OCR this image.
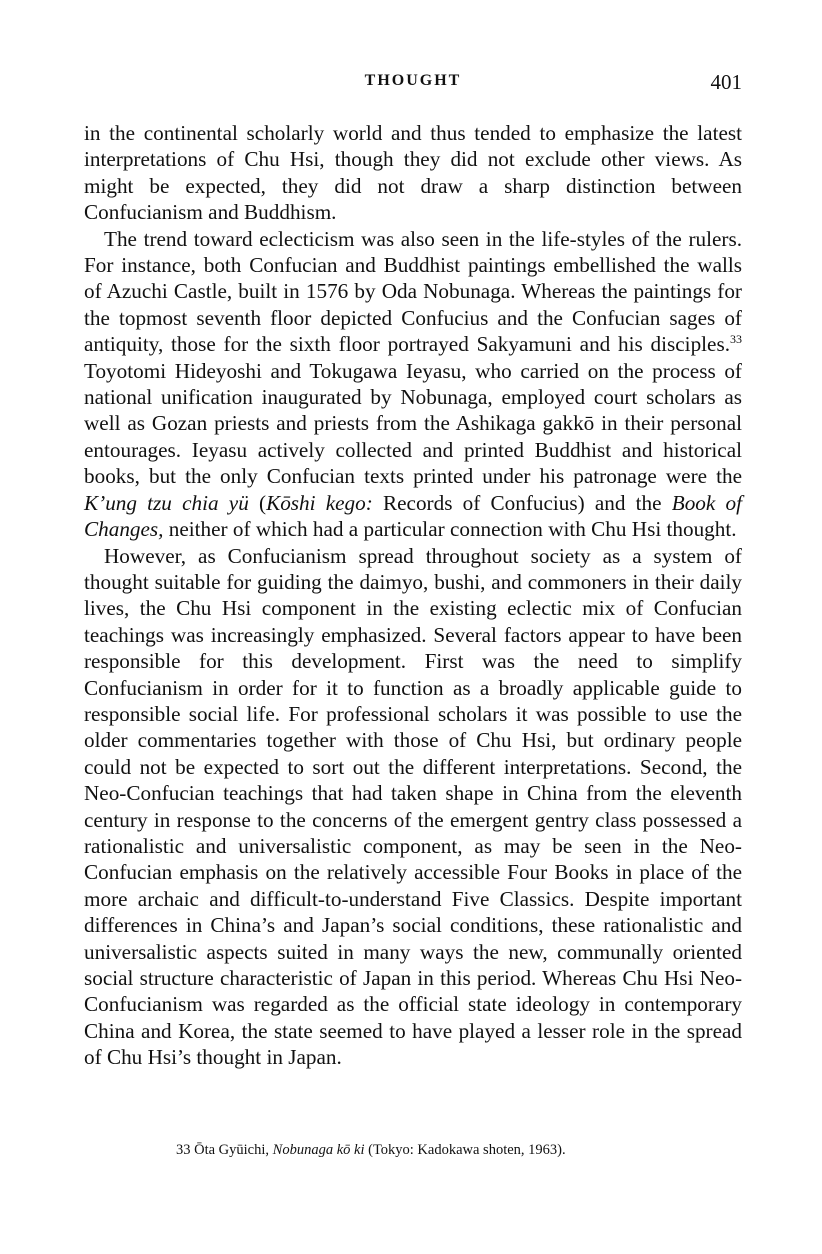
THOUGHT	401

in the continental scholarly world and thus tended to emphasize the latest interpretations of Chu Hsi, though they did not exclude other views. As might be expected, they did not draw a sharp distinction between Confucianism and Buddhism.

The trend toward eclecticism was also seen in the life-styles of the rulers. For instance, both Confucian and Buddhist paintings embellished the walls of Azuchi Castle, built in 1576 by Oda Nobunaga. Whereas the paintings for the topmost seventh floor depicted Confucius and the Confucian sages of antiquity, those for the sixth floor portrayed Sakyamuni and his disciples.$^{33}$ Toyotomi Hideyoshi and Tokugawa Ieyasu, who carried on the process of national unification inaugurated by Nobunaga, employed court scholars as well as Gozan priests and priests from the Ashikaga gakkō in their personal entourages. Ieyasu actively collected and printed Buddhist and historical books, but the only Confucian texts printed under his patronage were the K’ung tzu chia yü (Kōshi kego: Records of Confucius) and the Book of Changes, neither of which had a particular connection with Chu Hsi thought.

However, as Confucianism spread throughout society as a system of thought suitable for guiding the daimyo, bushi, and commoners in their daily lives, the Chu Hsi component in the existing eclectic mix of Confucian teachings was increasingly emphasized. Several factors appear to have been responsible for this development. First was the need to simplify Confucianism in order for it to function as a broadly applicable guide to responsible social life. For professional scholars it was possible to use the older commentaries together with those of Chu Hsi, but ordinary people could not be expected to sort out the different interpretations. Second, the Neo-Confucian teachings that had taken shape in China from the eleventh century in response to the concerns of the emergent gentry class possessed a rationalistic and universalistic component, as may be seen in the Neo-Confucian emphasis on the relatively accessible Four Books in place of the more archaic and difficult-to-understand Five Classics. Despite important differences in China’s and Japan’s social conditions, these rationalistic and universalistic aspects suited in many ways the new, communally oriented social structure characteristic of Japan in this period. Whereas Chu Hsi Neo-Confucianism was regarded as the official state ideology in contemporary China and Korea, the state seemed to have played a lesser role in the spread of Chu Hsi’s thought in Japan.

33 Ōta Gyūichi, Nobunaga kō ki (Tokyo: Kadokawa shoten, 1963).
